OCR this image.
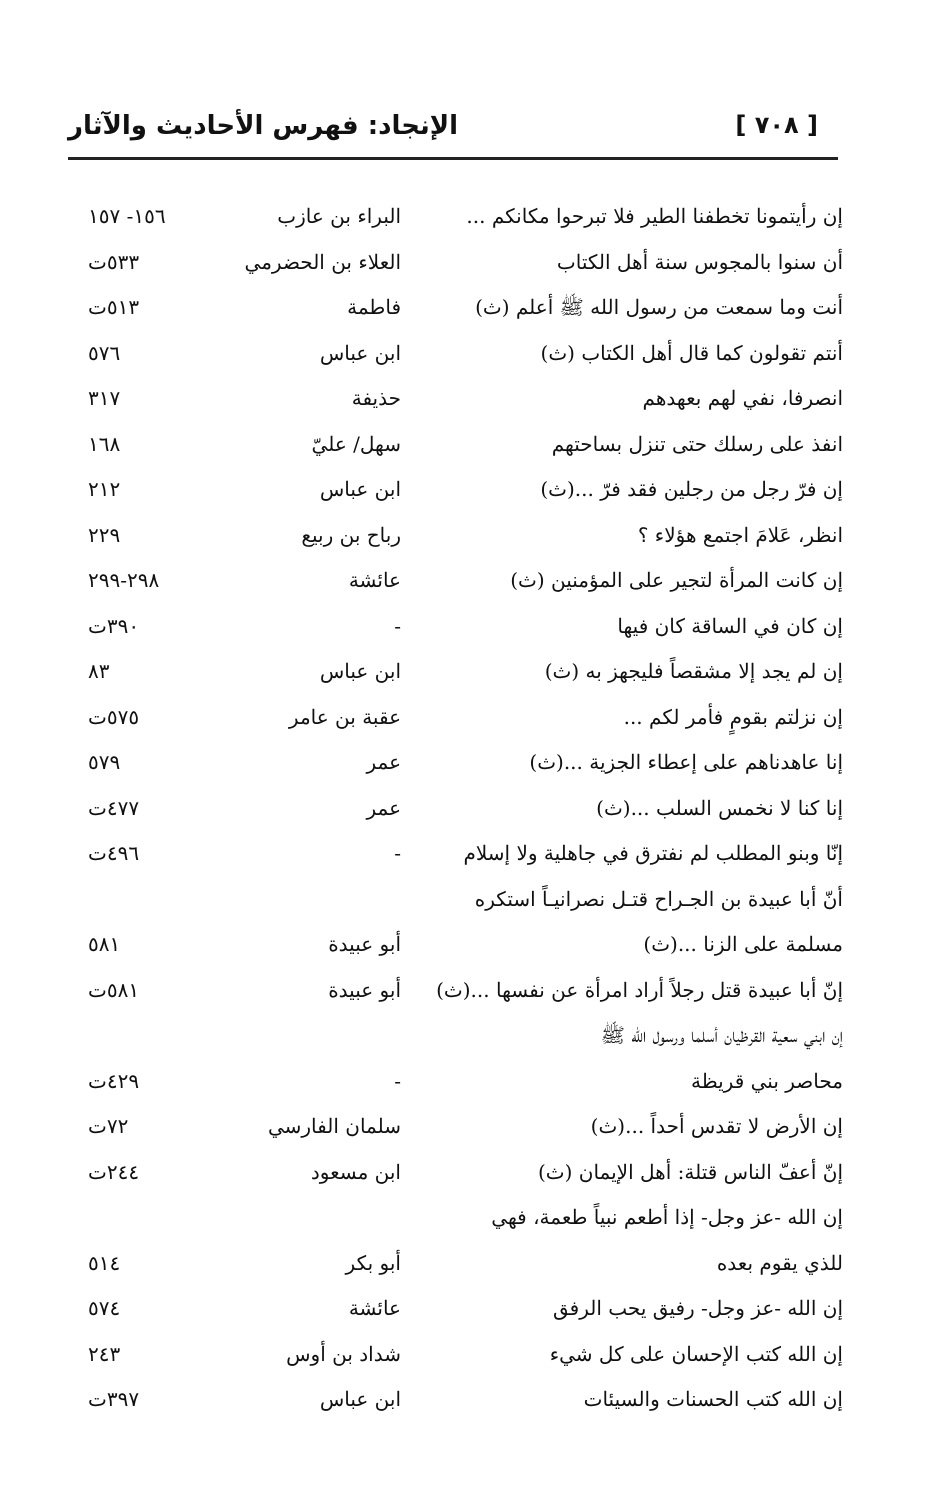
الإنجاد: فهرس الأحاديث والآثار	[ ٧٠٨ ]
إن رأيتمونا تخطفنا الطير فلا تبرحوا مكانكم ...
البراء بن عازب
١٥٦- ١٥٧
أن سنوا بالمجوس سنة أهل الكتاب
العلاء بن الحضرمي
٥٣٣ت
أنت وما سمعت من رسول الله ﷺ أعلم (ث)
فاطمة
٥١٣ت
أنتم تقولون كما قال أهل الكتاب (ث)
ابن عباس
٥٧٦
انصرفا، نفي لهم بعهدهم
حذيفة
٣١٧
انفذ على رسلك حتى تنزل بساحتهم
سهل/ عليّ
١٦٨
إن فرّ رجل من رجلين فقد فرّ ...(ث)
ابن عباس
٢١٢
انظر، عَلامَ اجتمع هؤلاء ؟
رباح بن ربيع
٢٢٩
إن كانت المرأة لتجير على المؤمنين (ث)
عائشة
٢٩٨-٢٩٩
إن كان في الساقة كان فيها
-
٣٩٠ت
إن لم يجد إلا مشقصاً فليجهز به (ث)
ابن عباس
٨٣
إن نزلتم بقومٍ فأمر لكم ...
عقبة بن عامر
٥٧٥ت
إنا عاهدناهم على إعطاء الجزية ...(ث)
عمر
٥٧٩
إنا كنا لا نخمس السلب ...(ث)
عمر
٤٧٧ت
إنّا وبنو المطلب لم نفترق في جاهلية ولا إسلام
-
٤٩٦ت
أنّ أبا عبيدة بن الجـراح قتـل نصرانيـاً استكره
مسلمة على الزنا ...(ث)
أبو عبيدة
٥٨١
إنّ أبا عبيدة قتل رجلاً أراد امرأة عن نفسها ...(ث)
أبو عبيدة
٥٨١ت
إن ابني سعية القرظيان أسلما ورسول الله ﷺ
محاصر بني قريظة
-
٤٢٩ت
إن الأرض لا تقدس أحداً ...(ث)
سلمان الفارسي
٧٢ت
إنّ أعفّ الناس قتلة: أهل الإيمان (ث)
ابن مسعود
٢٤٤ت
إن الله -عز وجل- إذا أطعم نبياً طعمة، فهي
للذي يقوم بعده
أبو بكر
٥١٤
إن الله -عز وجل- رفيق يحب الرفق
عائشة
٥٧٤
إن الله كتب الإحسان على كل شيء
شداد بن أوس
٢٤٣
إن الله كتب الحسنات والسيئات
ابن عباس
٣٩٧ت
